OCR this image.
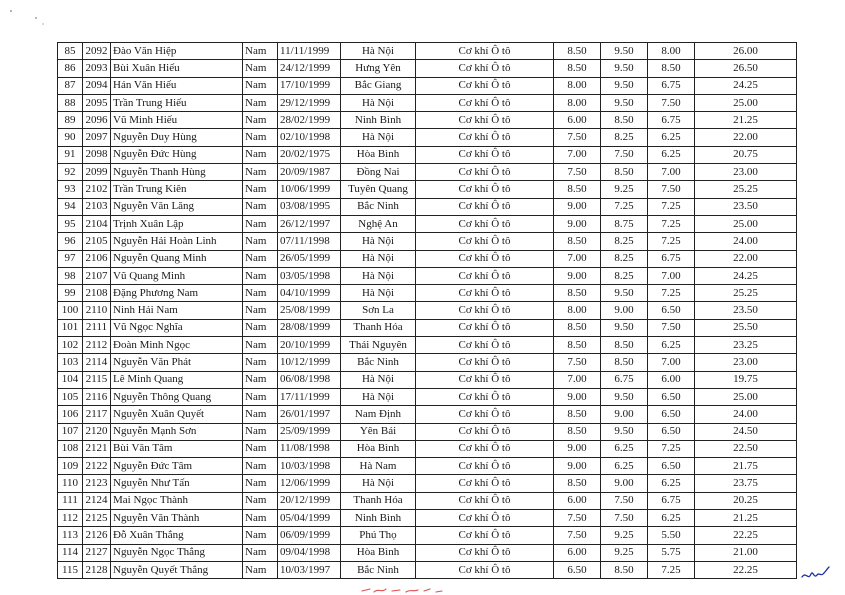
85	2092	Đào Văn Hiệp	Nam	11/11/1999	Hà Nội	Cơ khí Ô tô	8.50	9.50	8.00	26.00
86	2093	Bùi Xuân Hiếu	Nam	24/12/1999	Hưng Yên	Cơ khí Ô tô	8.50	9.50	8.50	26.50
87	2094	Hán Văn Hiếu	Nam	17/10/1999	Bắc Giang	Cơ khí Ô tô	8.00	9.50	6.75	24.25
88	2095	Trần Trung Hiếu	Nam	29/12/1999	Hà Nội	Cơ khí Ô tô	8.00	9.50	7.50	25.00
89	2096	Vũ Minh Hiếu	Nam	28/02/1999	Ninh Bình	Cơ khí Ô tô	6.00	8.50	6.75	21.25
90	2097	Nguyễn Duy Hùng	Nam	02/10/1998	Hà Nội	Cơ khí Ô tô	7.50	8.25	6.25	22.00
91	2098	Nguyễn Đức Hùng	Nam	20/02/1975	Hòa Bình	Cơ khí Ô tô	7.00	7.50	6.25	20.75
92	2099	Nguyễn Thanh Hùng	Nam	20/09/1987	Đồng Nai	Cơ khí Ô tô	7.50	8.50	7.00	23.00
93	2102	Trần Trung Kiên	Nam	10/06/1999	Tuyên Quang	Cơ khí Ô tô	8.50	9.25	7.50	25.25
94	2103	Nguyễn Văn Lăng	Nam	03/08/1995	Bắc Ninh	Cơ khí Ô tô	9.00	7.25	7.25	23.50
95	2104	Trịnh Xuân Lập	Nam	26/12/1997	Nghệ An	Cơ khí Ô tô	9.00	8.75	7.25	25.00
96	2105	Nguyễn Hải Hoàn Linh	Nam	07/11/1998	Hà Nội	Cơ khí Ô tô	8.50	8.25	7.25	24.00
97	2106	Nguyễn Quang Minh	Nam	26/05/1999	Hà Nội	Cơ khí Ô tô	7.00	8.25	6.75	22.00
98	2107	Vũ Quang Minh	Nam	03/05/1998	Hà Nội	Cơ khí Ô tô	9.00	8.25	7.00	24.25
99	2108	Đặng Phương Nam	Nam	04/10/1999	Hà Nội	Cơ khí Ô tô	8.50	9.50	7.25	25.25
100	2110	Ninh Hải Nam	Nam	25/08/1999	Sơn La	Cơ khí Ô tô	8.00	9.00	6.50	23.50
101	2111	Vũ Ngọc Nghĩa	Nam	28/08/1999	Thanh Hóa	Cơ khí Ô tô	8.50	9.50	7.50	25.50
102	2112	Đoàn Minh Ngọc	Nam	20/10/1999	Thái Nguyên	Cơ khí Ô tô	8.50	8.50	6.25	23.25
103	2114	Nguyễn Văn Phát	Nam	10/12/1999	Bắc Ninh	Cơ khí Ô tô	7.50	8.50	7.00	23.00
104	2115	Lê Minh Quang	Nam	06/08/1998	Hà Nội	Cơ khí Ô tô	7.00	6.75	6.00	19.75
105	2116	Nguyễn Thông Quang	Nam	17/11/1999	Hà Nội	Cơ khí Ô tô	9.00	9.50	6.50	25.00
106	2117	Nguyễn Xuân Quyết	Nam	26/01/1997	Nam Định	Cơ khí Ô tô	8.50	9.00	6.50	24.00
107	2120	Nguyễn Mạnh Sơn	Nam	25/09/1999	Yên Bái	Cơ khí Ô tô	8.50	9.50	6.50	24.50
108	2121	Bùi Văn Tâm	Nam	11/08/1998	Hòa Bình	Cơ khí Ô tô	9.00	6.25	7.25	22.50
109	2122	Nguyễn Đức Tâm	Nam	10/03/1998	Hà Nam	Cơ khí Ô tô	9.00	6.25	6.50	21.75
110	2123	Nguyễn Như Tấn	Nam	12/06/1999	Hà Nội	Cơ khí Ô tô	8.50	9.00	6.25	23.75
111	2124	Mai Ngọc Thành	Nam	20/12/1999	Thanh Hóa	Cơ khí Ô tô	6.00	7.50	6.75	20.25
112	2125	Nguyễn Văn Thành	Nam	05/04/1999	Ninh Bình	Cơ khí Ô tô	7.50	7.50	6.25	21.25
113	2126	Đỗ Xuân Thắng	Nam	06/09/1999	Phú Thọ	Cơ khí Ô tô	7.50	9.25	5.50	22.25
114	2127	Nguyễn Ngọc Thắng	Nam	09/04/1998	Hòa Bình	Cơ khí Ô tô	6.00	9.25	5.75	21.00
115	2128	Nguyễn Quyết Thắng	Nam	10/03/1997	Bắc Ninh	Cơ khí Ô tô	6.50	8.50	7.25	22.25
